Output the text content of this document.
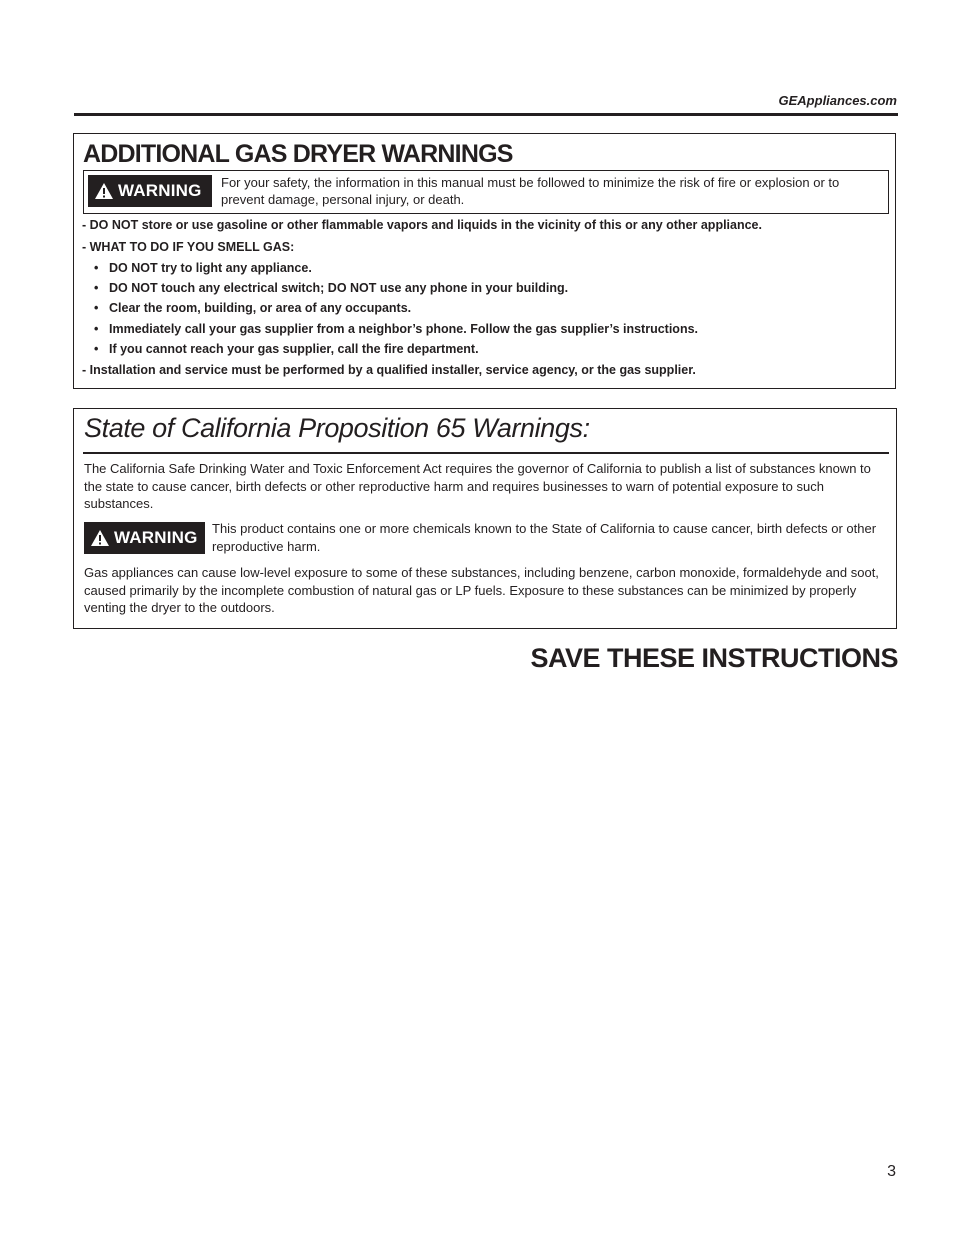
GEAppliances.com
ADDITIONAL GAS DRYER WARNINGS
WARNING For your safety, the information in this manual must be followed to minimize the risk of fire or explosion or to prevent damage, personal injury, or death.
- DO NOT store or use gasoline or other flammable vapors and liquids in the vicinity of this or any other appliance.
- WHAT TO DO IF YOU SMELL GAS:
• DO NOT try to light any appliance.
• DO NOT touch any electrical switch; DO NOT use any phone in your building.
• Clear the room, building, or area of any occupants.
• Immediately call your gas supplier from a neighbor’s phone. Follow the gas supplier’s instructions.
• If you cannot reach your gas supplier, call the fire department.
- Installation and service must be performed by a qualified installer, service agency, or the gas supplier.
State of California Proposition 65 Warnings:
The California Safe Drinking Water and Toxic Enforcement Act requires the governor of California to publish a list of substances known to the state to cause cancer, birth defects or other reproductive harm and requires businesses to warn of potential exposure to such substances.
WARNING This product contains one or more chemicals known to the State of California to cause cancer, birth defects or other reproductive harm.
Gas appliances can cause low-level exposure to some of these substances, including benzene, carbon monoxide, formaldehyde and soot, caused primarily by the incomplete combustion of natural gas or LP fuels. Exposure to these substances can be minimized by properly venting the dryer to the outdoors.
SAVE THESE INSTRUCTIONS
3
